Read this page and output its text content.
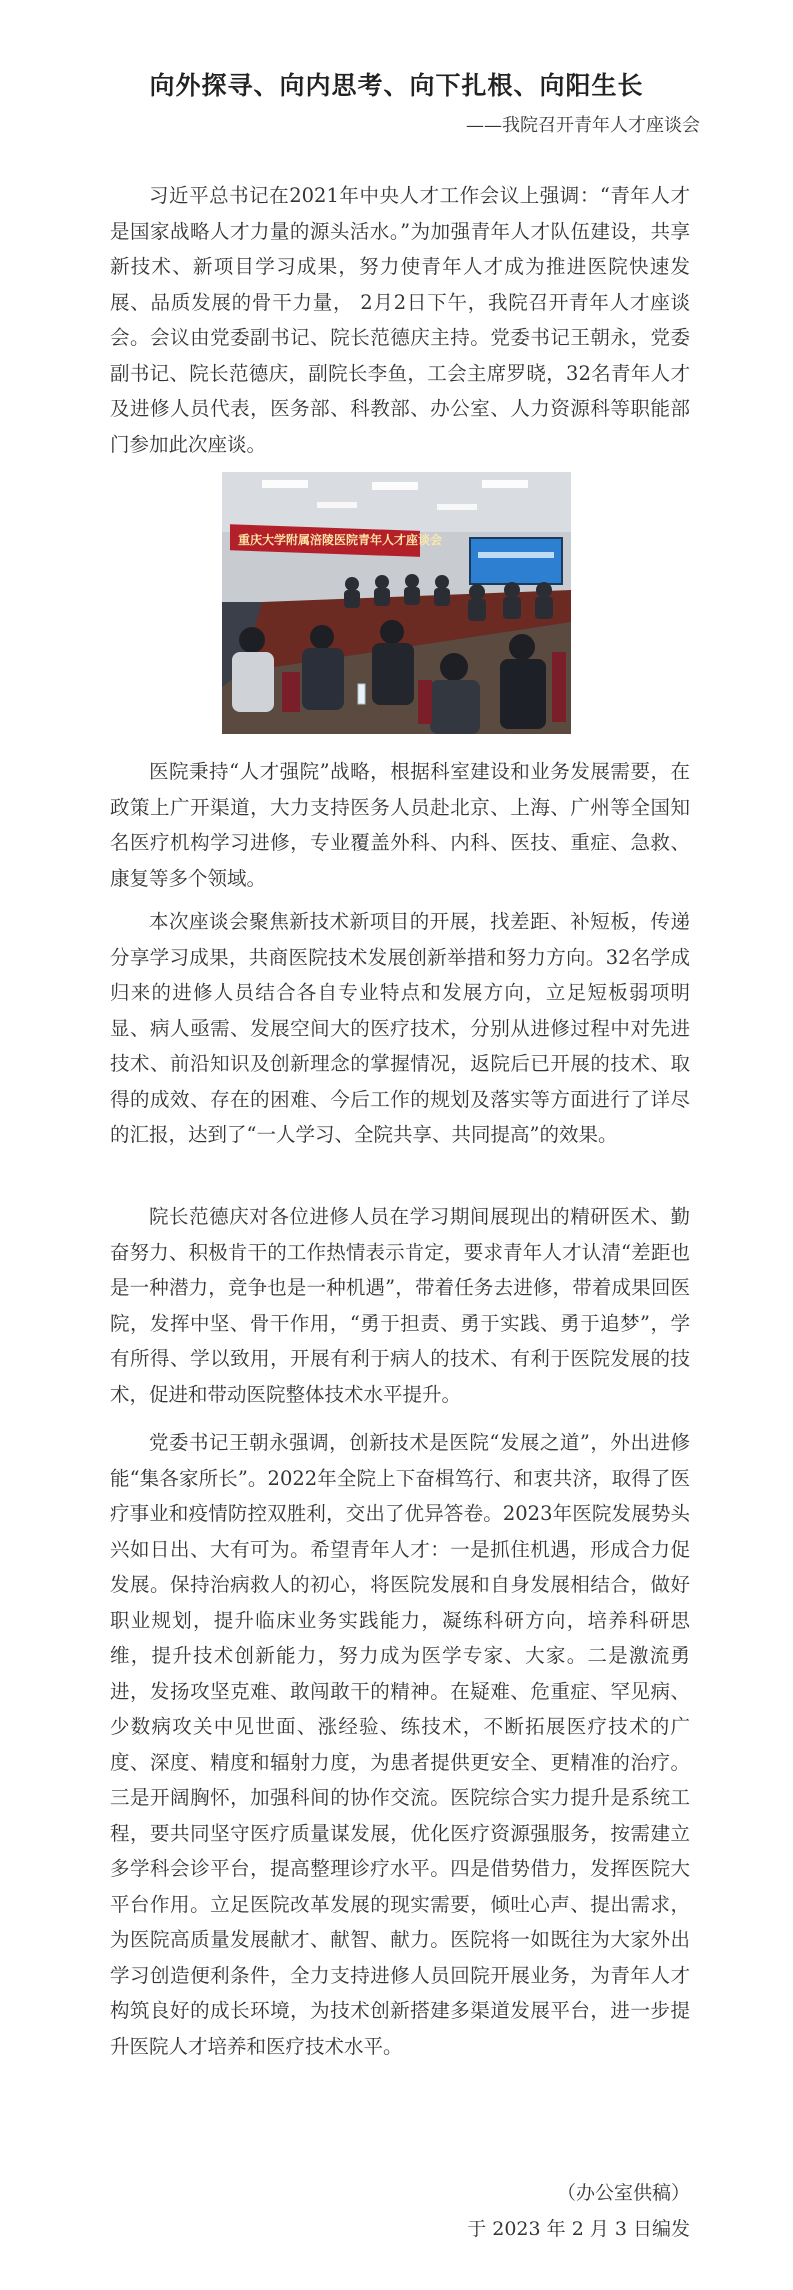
向外探寻、向内思考、向下扎根、向阳生长
——我院召开青年人才座谈会

习近平总书记在2021年中央人才工作会议上强调：“青年人才是国家战略人才力量的源头活水。”为加强青年人才队伍建设，共享新技术、新项目学习成果，努力使青年人才成为推进医院快速发展、品质发展的骨干力量， 2月2日下午，我院召开青年人才座谈会。会议由党委副书记、院长范德庆主持。党委书记王朝永，党委副书记、院长范德庆，副院长李鱼，工会主席罗晓，32名青年人才及进修人员代表，医务部、科教部、办公室、人力资源科等职能部门参加此次座谈。

重庆大学附属涪陵医院青年人才座谈会

医院秉持“人才强院”战略，根据科室建设和业务发展需要，在政策上广开渠道，大力支持医务人员赴北京、上海、广州等全国知名医疗机构学习进修，专业覆盖外科、内科、医技、重症、急救、康复等多个领域。

本次座谈会聚焦新技术新项目的开展，找差距、补短板，传递分享学习成果，共商医院技术发展创新举措和努力方向。32名学成归来的进修人员结合各自专业特点和发展方向，立足短板弱项明显、病人亟需、发展空间大的医疗技术，分别从进修过程中对先进技术、前沿知识及创新理念的掌握情况，返院后已开展的技术、取得的成效、存在的困难、今后工作的规划及落实等方面进行了详尽的汇报，达到了“一人学习、全院共享、共同提高”的效果。

院长范德庆对各位进修人员在学习期间展现出的精研医术、勤奋努力、积极肯干的工作热情表示肯定，要求青年人才认清“差距也是一种潜力，竞争也是一种机遇”，带着任务去进修，带着成果回医院，发挥中坚、骨干作用，“勇于担责、勇于实践、勇于追梦”，学有所得、学以致用，开展有利于病人的技术、有利于医院发展的技术，促进和带动医院整体技术水平提升。

党委书记王朝永强调，创新技术是医院“发展之道”，外出进修能“集各家所长”。2022年全院上下奋楫笃行、和衷共济，取得了医疗事业和疫情防控双胜利，交出了优异答卷。2023年医院发展势头兴如日出、大有可为。希望青年人才：一是抓住机遇，形成合力促发展。保持治病救人的初心，将医院发展和自身发展相结合，做好职业规划，提升临床业务实践能力，凝练科研方向，培养科研思维，提升技术创新能力，努力成为医学专家、大家。二是激流勇进，发扬攻坚克难、敢闯敢干的精神。在疑难、危重症、罕见病、少数病攻关中见世面、涨经验、练技术，不断拓展医疗技术的广度、深度、精度和辐射力度，为患者提供更安全、更精准的治疗。三是开阔胸怀，加强科间的协作交流。医院综合实力提升是系统工程，要共同坚守医疗质量谋发展，优化医疗资源强服务，按需建立多学科会诊平台，提高整理诊疗水平。四是借势借力，发挥医院大平台作用。立足医院改革发展的现实需要，倾吐心声、提出需求，为医院高质量发展献才、献智、献力。医院将一如既往为大家外出学习创造便利条件，全力支持进修人员回院开展业务，为青年人才构筑良好的成长环境，为技术创新搭建多渠道发展平台，进一步提升医院人才培养和医疗技术水平。

（办公室供稿）
于 2023 年 2 月 3 日编发
